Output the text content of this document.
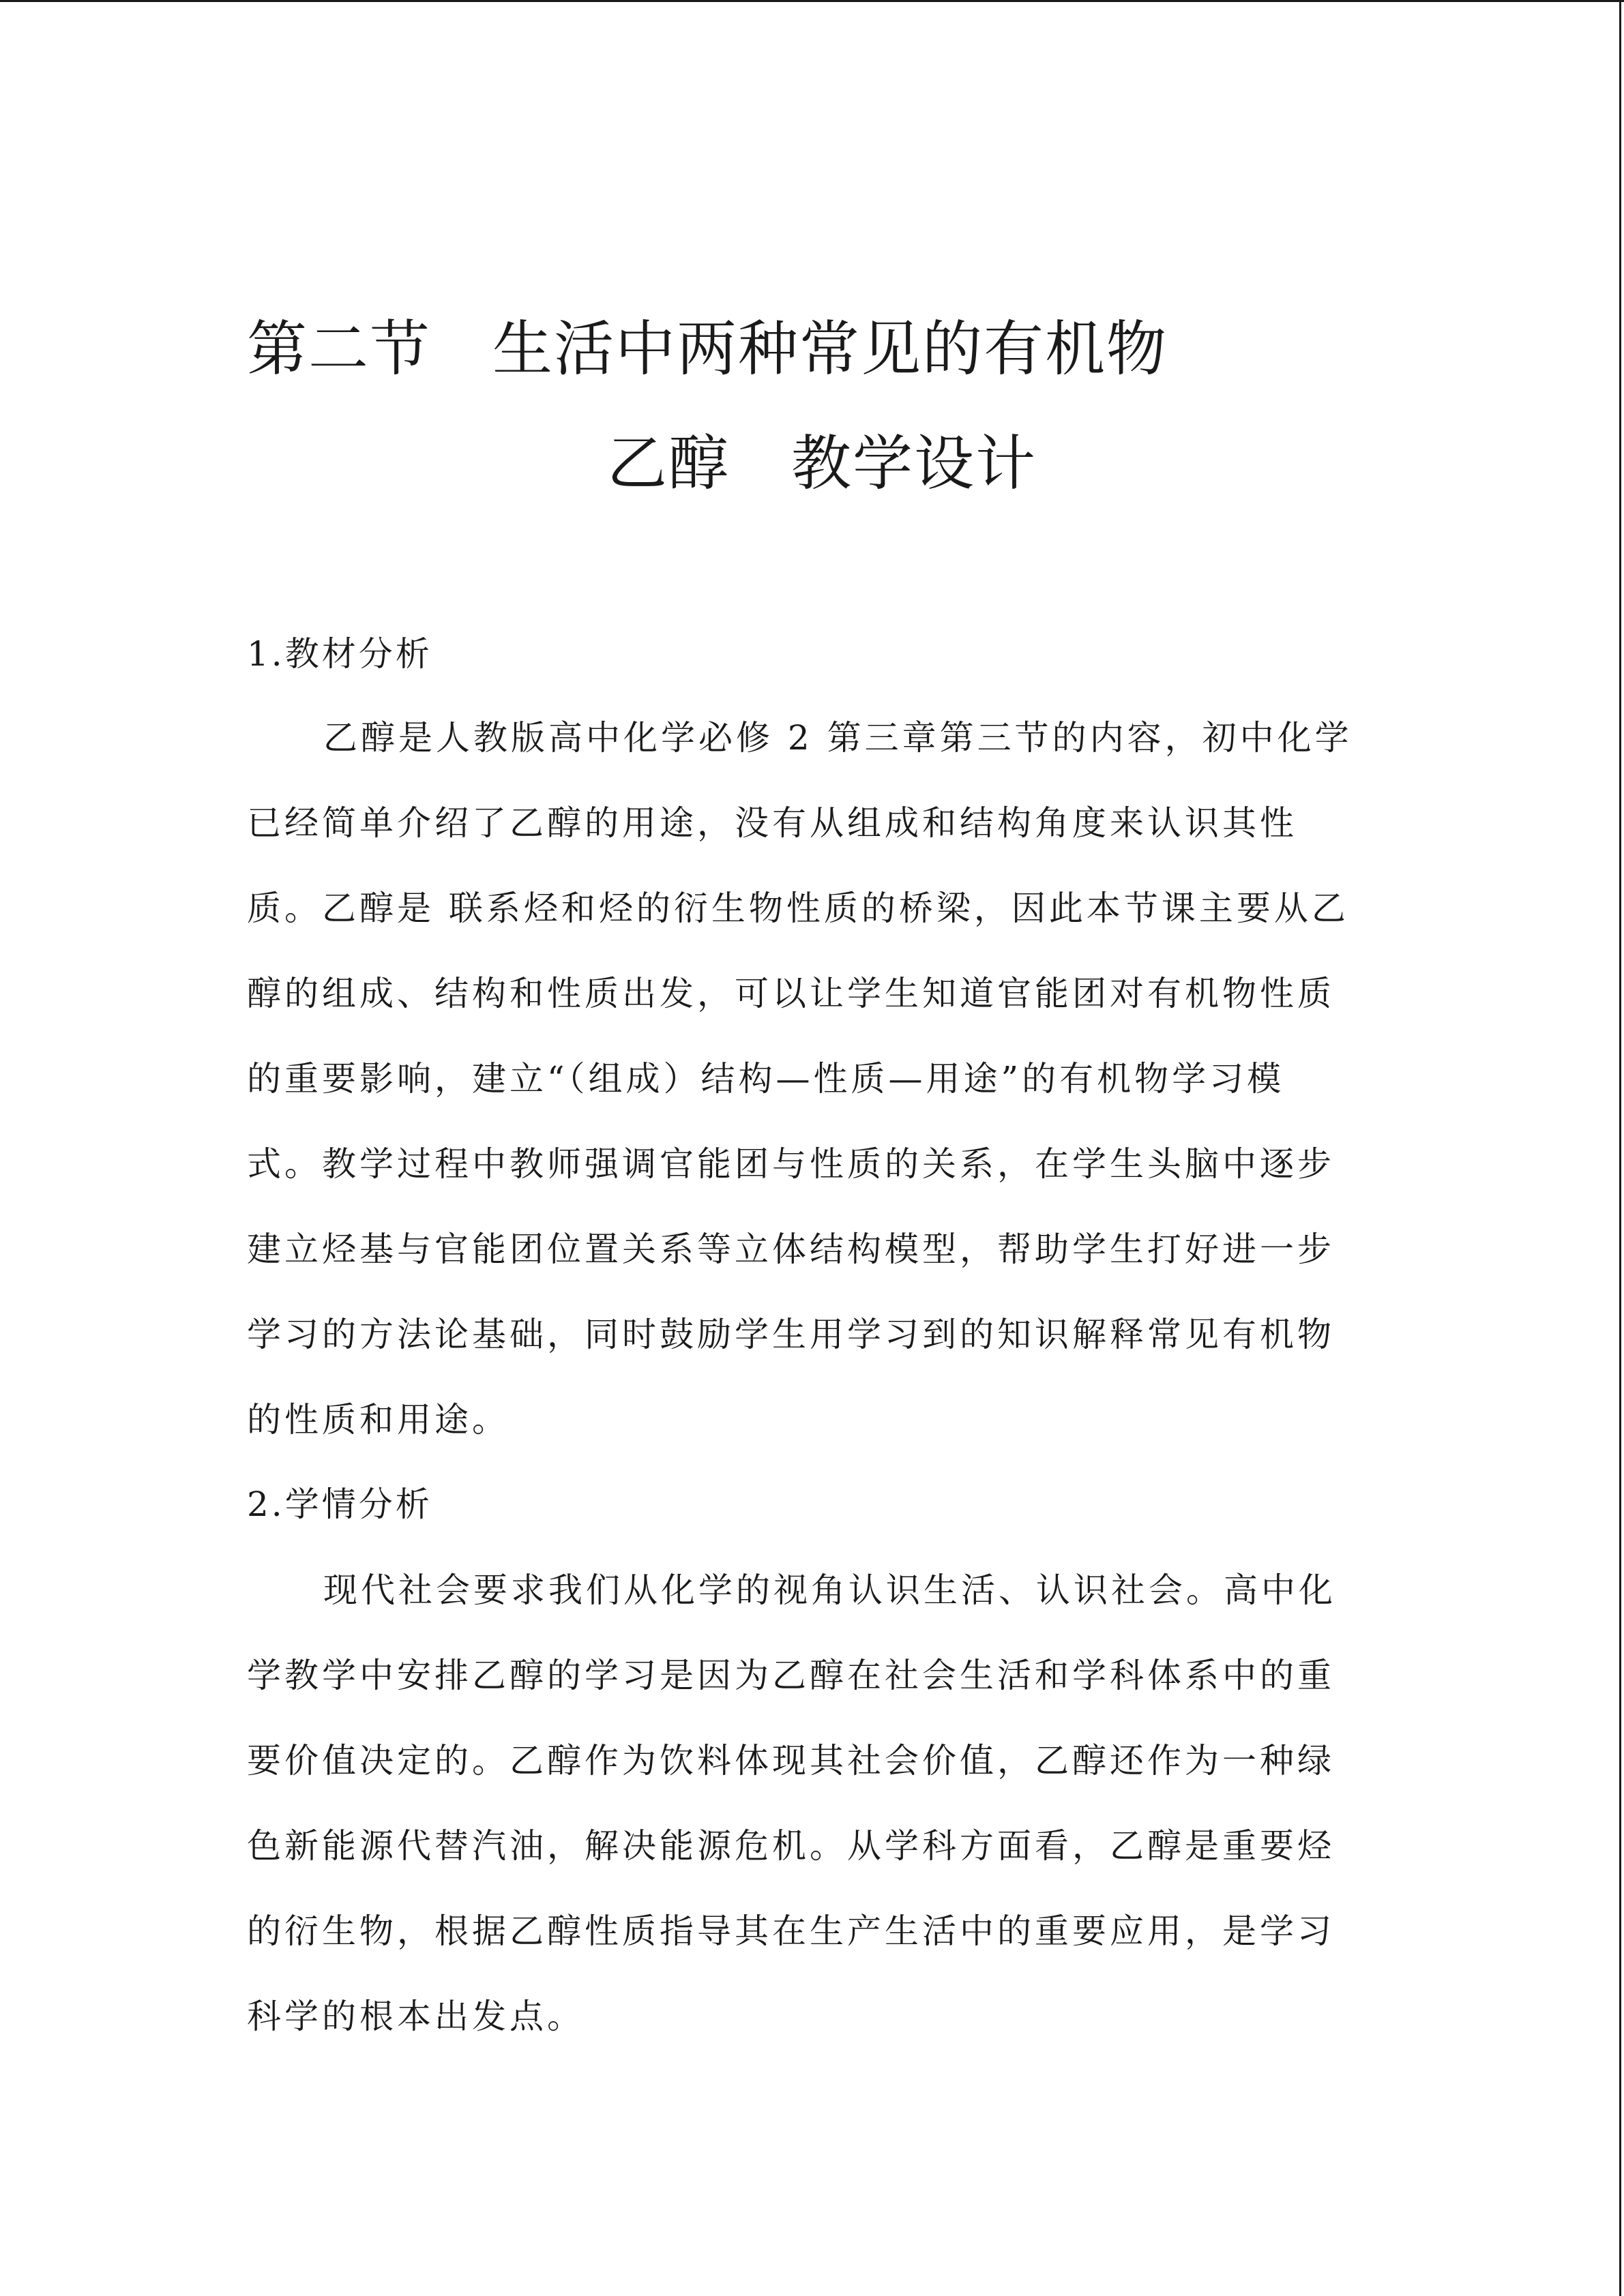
第二节　生活中两种常见的有机物
乙醇　教学设计
1.教材分析
乙醇是人教版高中化学必修 2 第三章第三节的内容，初中化学
已经简单介绍了乙醇的用途，没有从组成和结构角度来认识其性
质。乙醇是 联系烃和烃的衍生物性质的桥梁，因此本节课主要从乙
醇的组成、结构和性质出发，可以让学生知道官能团对有机物性质
的重要影响，建立“（组成）结构—性质—用途”的有机物学习模
式。教学过程中教师强调官能团与性质的关系，在学生头脑中逐步
建立烃基与官能团位置关系等立体结构模型，帮助学生打好进一步
学习的方法论基础，同时鼓励学生用学习到的知识解释常见有机物
的性质和用途。
2.学情分析
现代社会要求我们从化学的视角认识生活、认识社会。高中化
学教学中安排乙醇的学习是因为乙醇在社会生活和学科体系中的重
要价值决定的。乙醇作为饮料体现其社会价值，乙醇还作为一种绿
色新能源代替汽油，解决能源危机。从学科方面看，乙醇是重要烃
的衍生物，根据乙醇性质指导其在生产生活中的重要应用，是学习
科学的根本出发点。
